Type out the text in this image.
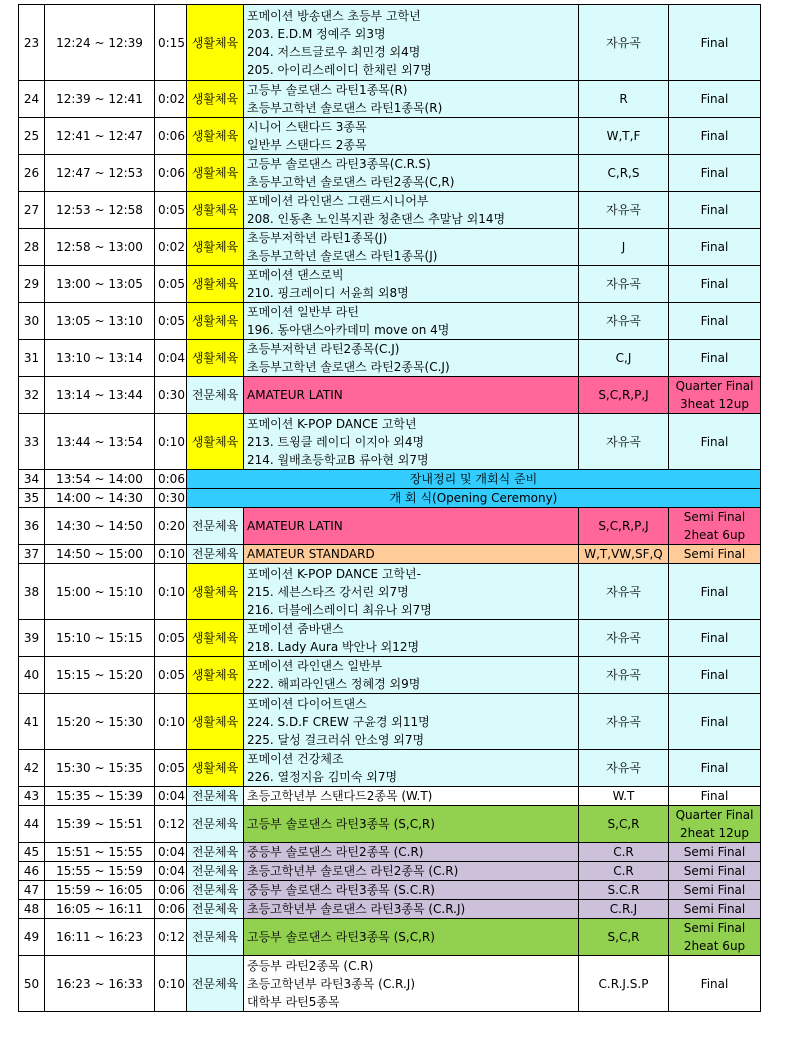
23	12:24 ~ 12:39	0:15	생활체육	포메이션 방송댄스 초등부 고학년
203. E.D.M 정예주 외3명
204. 저스트글로우 최민경 외4명
205. 아이리스레이디 한채린 외7명	자유곡	Final

24	12:39 ~ 12:41	0:02	생활체육	고등부 솔로댄스 라틴1종목(R)
초등부고학년 솔로댄스 라틴1종목(R)	R	Final

25	12:41 ~ 12:47	0:06	생활체육	시니어 스탠다드 3종목
일반부 스탠다드 2종목	W,T,F	Final

26	12:47 ~ 12:53	0:06	생활체육	고등부 솔로댄스 라틴3종목(C.R.S)
초등부고학년 솔로댄스 라틴2종목(C,R)	C,R,S	Final

27	12:53 ~ 12:58	0:05	생활체육	포메이션 라인댄스 그랜드시니어부
208. 인동촌 노인복지관 청춘댄스 추말남 외14명	자유곡	Final

28	12:58 ~ 13:00	0:02	생활체육	초등부저학년 라틴1종목(J)
초등부고학년 솔로댄스 라틴1종목(J)	J	Final

29	13:00 ~ 13:05	0:05	생활체육	포메이션 댄스로빅
210. 핑크레이디 서윤희 외8명	자유곡	Final

30	13:05 ~ 13:10	0:05	생활체육	포메이션 일반부 라틴
196. 동아댄스아카데미 move on 4명	자유곡	Final

31	13:10 ~ 13:14	0:04	생활체육	초등부저학년 라틴2종목(C.J)
초등부고학년 솔로댄스 라틴2종목(C.J)	C,J	Final

32	13:14 ~ 13:44	0:30	전문체육	AMATEUR LATIN	S,C,R,P,J	Quarter Final
3heat 12up

33	13:44 ~ 13:54	0:10	생활체육	포메이션 K-POP DANCE 고학년
213. 트윙클 레이디 이지아 외4명
214. 월배초등학교B 류아현 외7명	자유곡	Final

34	13:54 ~ 14:00	0:06	장내정리 및 개회식 준비			
35	14:00 ~ 14:30	0:30	개 회 식(Opening Ceremony)			
36	14:30 ~ 14:50	0:20	전문체육	AMATEUR LATIN	S,C,R,P,J	Semi Final
2heat 6up

37	14:50 ~ 15:00	0:10	전문체육	AMATEUR STANDARD	W,T,VW,SF,Q	Semi Final

38	15:00 ~ 15:10	0:10	생활체육	포메이션 K-POP DANCE 고학년-
215. 세븐스타즈 강서린 외7명
216. 더블에스레이디 최유나 외7명	자유곡	Final

39	15:10 ~ 15:15	0:05	생활체육	포메이션 줌바댄스
218. Lady Aura 박안나 외12명	자유곡	Final

40	15:15 ~ 15:20	0:05	생활체육	포메이션 라인댄스 일반부
222. 해피라인댄스 정혜경 외9명	자유곡	Final

41	15:20 ~ 15:30	0:10	생활체육	포메이션 다이어트댄스
224. S.D.F CREW 구윤경 외11명
225. 달성 걸크러쉬 안소영 외7명	자유곡	Final

42	15:30 ~ 15:35	0:05	생활체육	포메이션 건강체조
226. 열정지음 김미숙 외7명	자유곡	Final

43	15:35 ~ 15:39	0:04	전문체육	초등고학년부 스탠다드2종목 (W.T)	W.T	Final

44	15:39 ~ 15:51	0:12	전문체육	고등부 솔로댄스 라틴3종목 (S,C,R)	S,C,R	Quarter Final
2heat 12up

45	15:51 ~ 15:55	0:04	전문체육	중등부 솔로댄스 라틴2종목 (C.R)	C.R	Semi Final

46	15:55 ~ 15:59	0:04	전문체육	초등고학년부 솔로댄스 라틴2종목 (C.R)	C.R	Semi Final

47	15:59 ~ 16:05	0:06	전문체육	중등부 솔로댄스 라틴3종목 (S.C.R)	S.C.R	Semi Final

48	16:05 ~ 16:11	0:06	전문체육	초등고학년부 솔로댄스 라틴3종목 (C.R.J)	C.R.J	Semi Final

49	16:11 ~ 16:23	0:12	전문체육	고등부 솔로댄스 라틴3종목 (S,C,R)	S,C,R	Semi Final
2heat 6up

50	16:23 ~ 16:33	0:10	전문체육	중등부 라틴2종목 (C.R)
초등고학년부 라틴3종목 (C.R.J)
대학부 라틴5종목	C.R.J.S.P	Final
